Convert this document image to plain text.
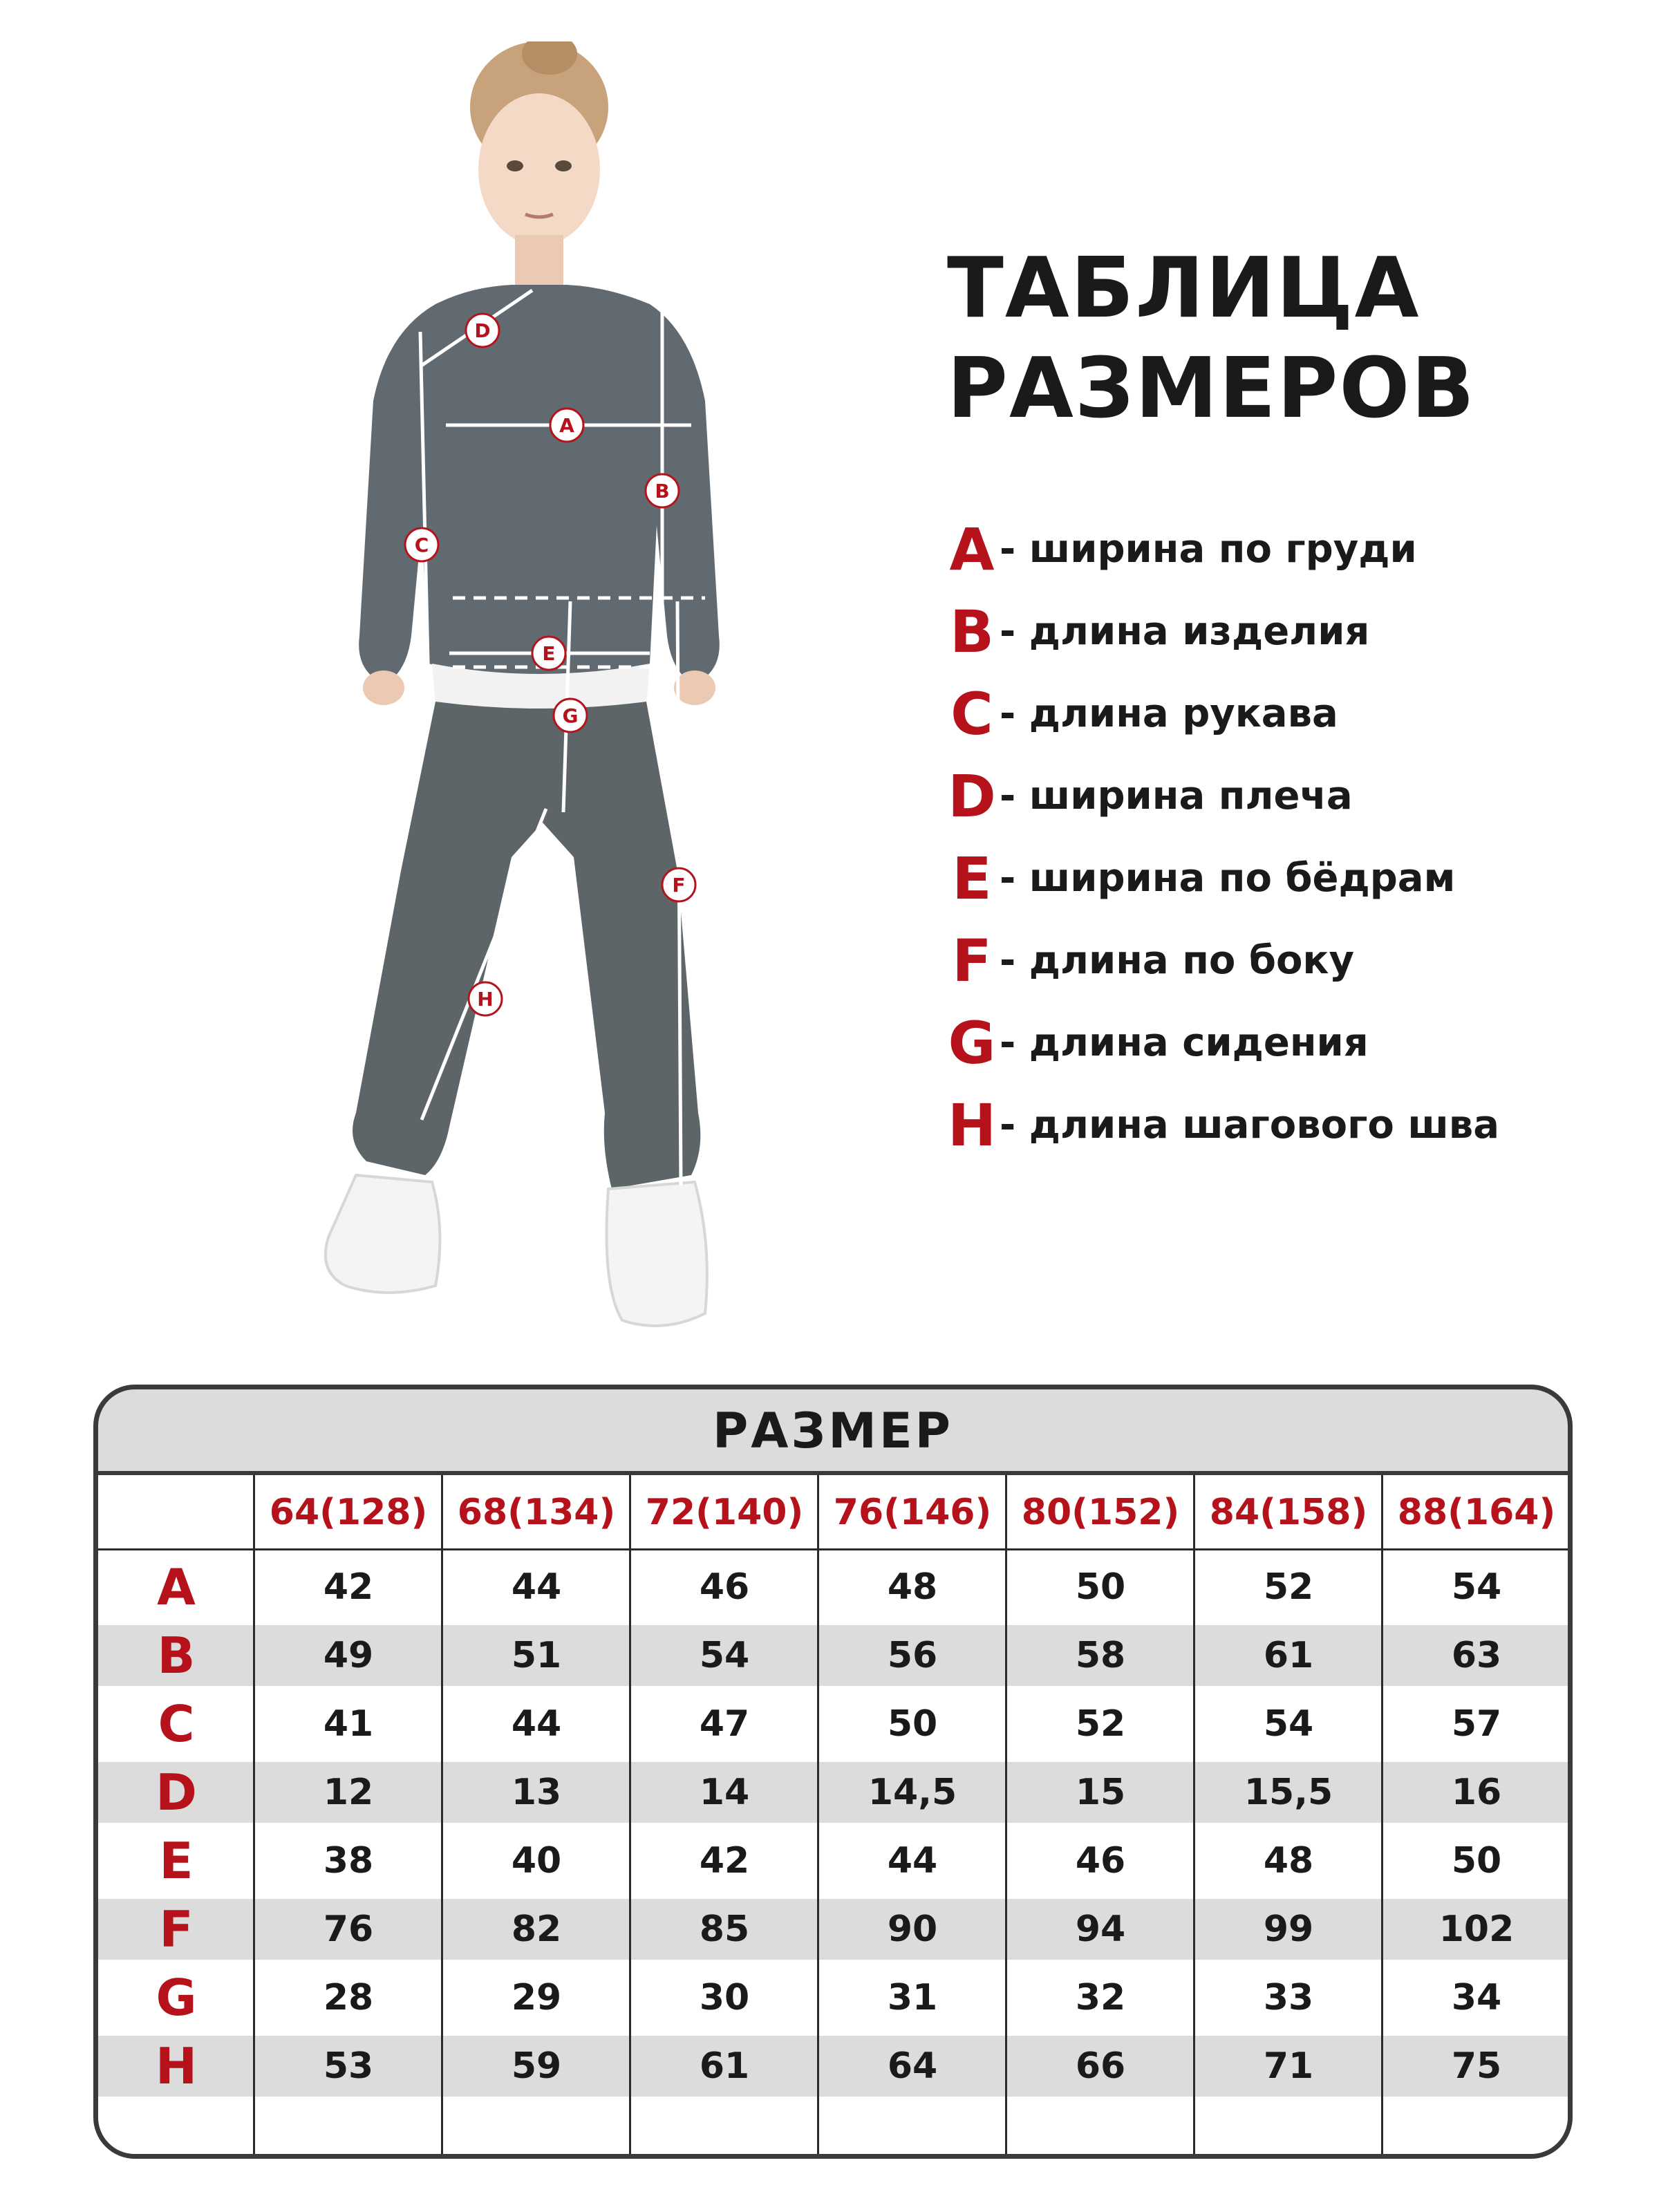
A
B
C
D
E
F
G
H
ТАБЛИЦА
РАЗМЕРОВ
A - ширина по груди
B - длина изделия
C - длина рукава
D - ширина плеча
E - ширина по бёдрам
F - длина по боку
G - длина сидения
H - длина шагового шва
РАЗМЕР
64(128) 68(134) 72(140) 76(146) 80(152) 84(158) 88(164)
A	42	44	46	48	50	52	54
B	49	51	54	56	58	61	63
C	41	44	47	50	52	54	57
D	12	13	14	14,5	15	15,5	16
E	38	40	42	44	46	48	50
F	76	82	85	90	94	99	102
G	28	29	30	31	32	33	34
H	53	59	61	64	66	71	75
